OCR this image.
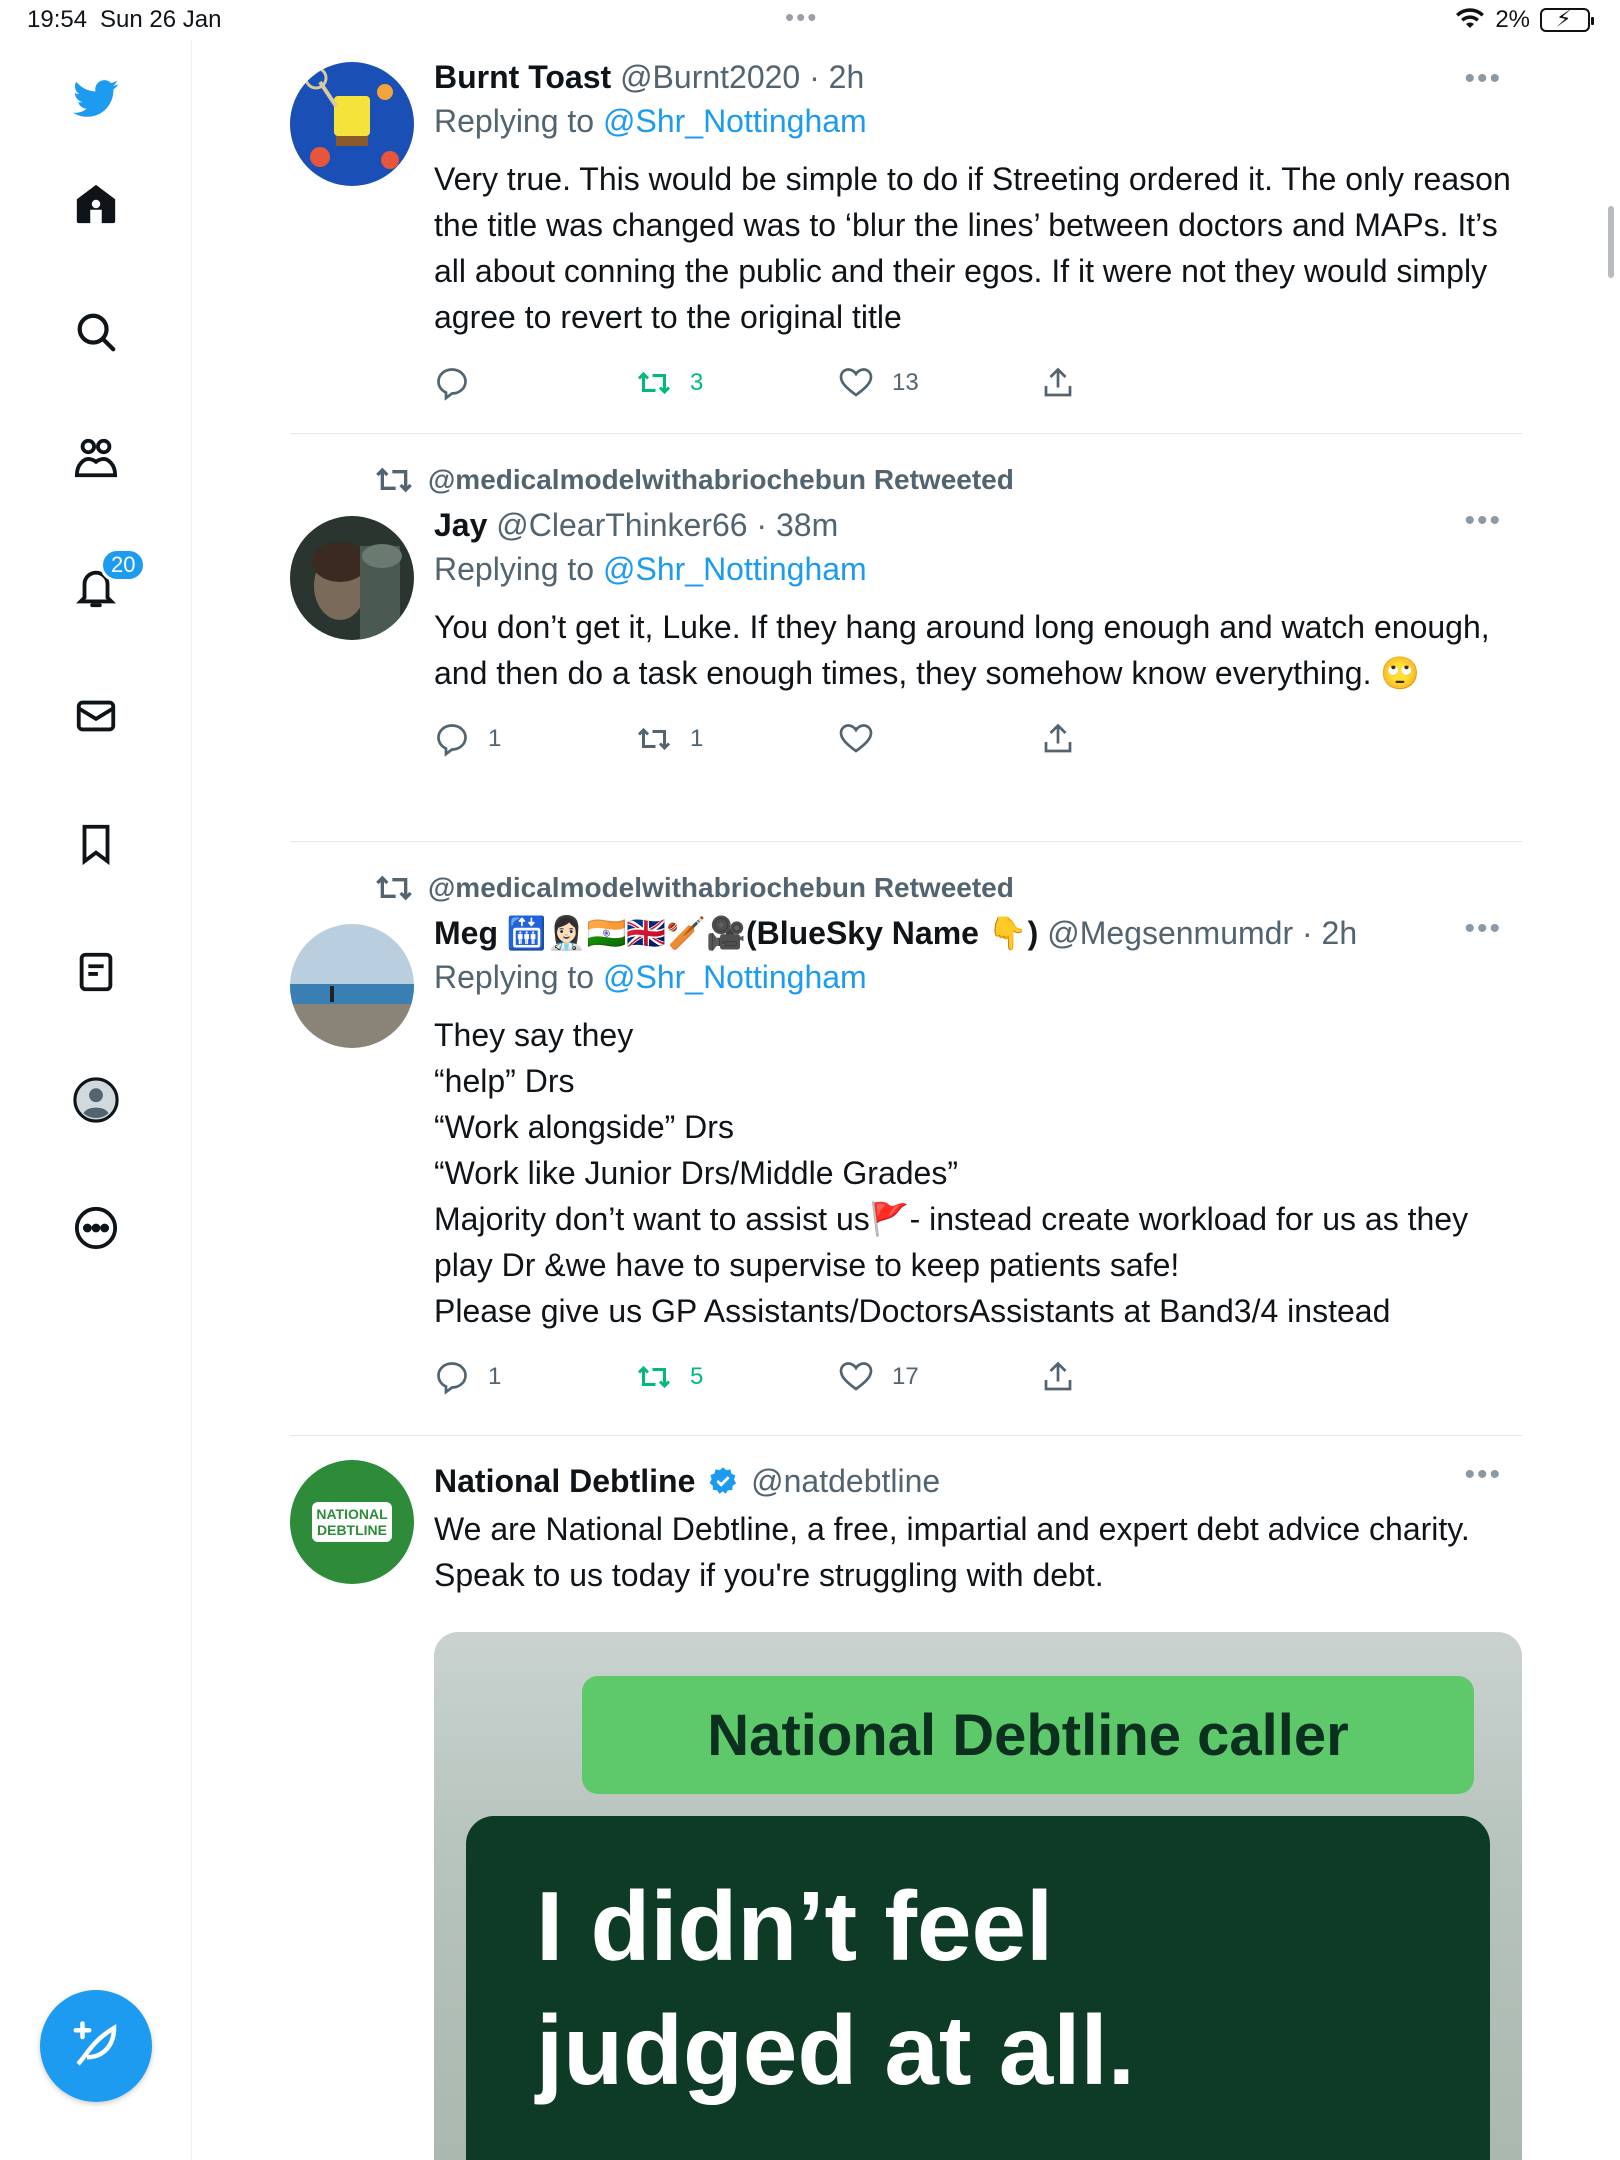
19:54 Sun 26 Jan	•••	2% ⚡
20
•••
Burnt Toast @Burnt2020 · 2h
Replying to @Shr_Nottingham
Very true. This would be simple to do if Streeting ordered it. The only reason the title was changed was to ‘blur the lines’ between doctors and MAPs. It’s all about conning the public and their egos. If it were not they would simply agree to revert to the original title
3	13
@medicalmodelwithabriochebun Retweeted
•••
Jay @ClearThinker66 · 38m
Replying to @Shr_Nottingham
You don’t get it, Luke. If they hang around long enough and watch enough, and then do a task enough times, they somehow know everything. 🙄
1	1
@medicalmodelwithabriochebun Retweeted
•••
Meg 🛗👩🏻‍⚕️🇮🇳🇬🇧🏏🎥(BlueSky Name 👇) @Megsenmumdr · 2h
Replying to @Shr_Nottingham
They say they
“help” Drs
“Work alongside” Drs
“Work like Junior Drs/Middle Grades”
Majority don’t want to assist us🚩- instead create workload for us as they play Dr &we have to supervise to keep patients safe!
Please give us GP Assistants/DoctorsAssistants at Band3/4 instead
1	5	17
NATIONAL DEBTLINE
•••
National Debtline @natdebtline
We are National Debtline, a free, impartial and expert debt advice charity. Speak to us today if you're struggling with debt.
National Debtline caller
I didn’t feel
judged at all.
